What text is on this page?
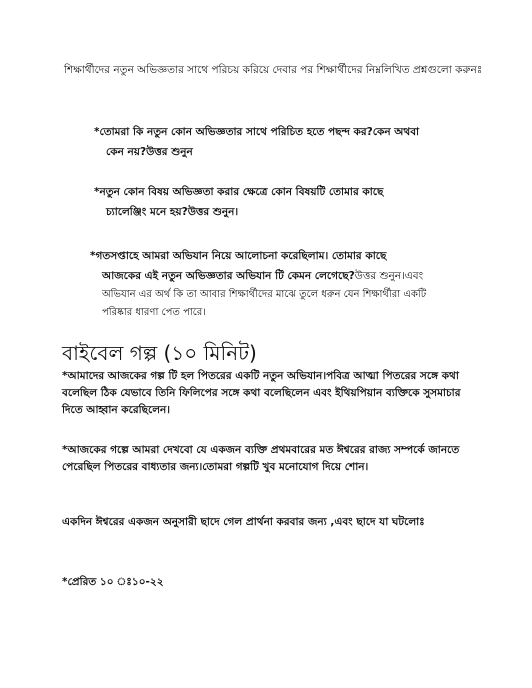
শিক্ষার্থীদের নতুন অভিজ্ঞতার সাথে পরিচয় করিয়ে দেবার পর শিক্ষার্থীদের নিম্নলিখিত প্রশ্নগুলো করুনঃ

*তোমরা কি নতুন কোন অভিজ্ঞতার সাথে পরিচিত হতে পছন্দ কর?কেন অথবা
কেন নয়?উত্তর শুনুন

*নতুন কোন বিষয় অভিজ্ঞতা করার ক্ষেত্রে কোন বিষয়টি তোমার কাছে
চ্যালেঞ্জিং মনে হয়?উত্তর শুনুন।

*গতসপ্তাহে আমরা অভিযান নিয়ে আলোচনা করেছিলাম। তোমার কাছে

আজকের এই নতুন অভিজ্ঞতার অভিযান টি কেমন লেগেছে?উত্তর শুনুন।এবং
অভিযান এর অর্থ কি তা আবার শিক্ষার্থীদের মাঝে তুলে ধরুন যেন শিক্ষার্থীরা একটি
পরিষ্কার ধারণা পেত পারে।

বাইবেল গল্প (১০ মিনিট)

*আমাদের আজকের গল্প টি হল পিতরের একটি নতুন অভিযান।পবিত্র আত্মা পিতরের সঙ্গে কথা বলেছিল ঠিক যেভাবে তিনি ফিলিপের সঙ্গে কথা বলেছিলেন এবং ইথিয়পিয়ান ব্যক্তিকে সুসমাচার দিতে আহ্বান করেছিলেন।

*আজকের গল্পে আমরা দেখবো যে একজন ব্যক্তি প্রথমবারের মত ঈশ্বরের রাজ্য সম্পর্কে জানতে পেরেছিল পিতরের বাধ্যতার জন্য।তোমরা গল্পটি খুব মনোযোগ দিয়ে শোন।

একদিন ঈশ্বরের একজন অনুসারী ছাদে গেল প্রার্থনা করবার জন্য ,এবং ছাদে যা ঘটলোঃ

*প্রেরিত ১০ ঃ১০-২২
